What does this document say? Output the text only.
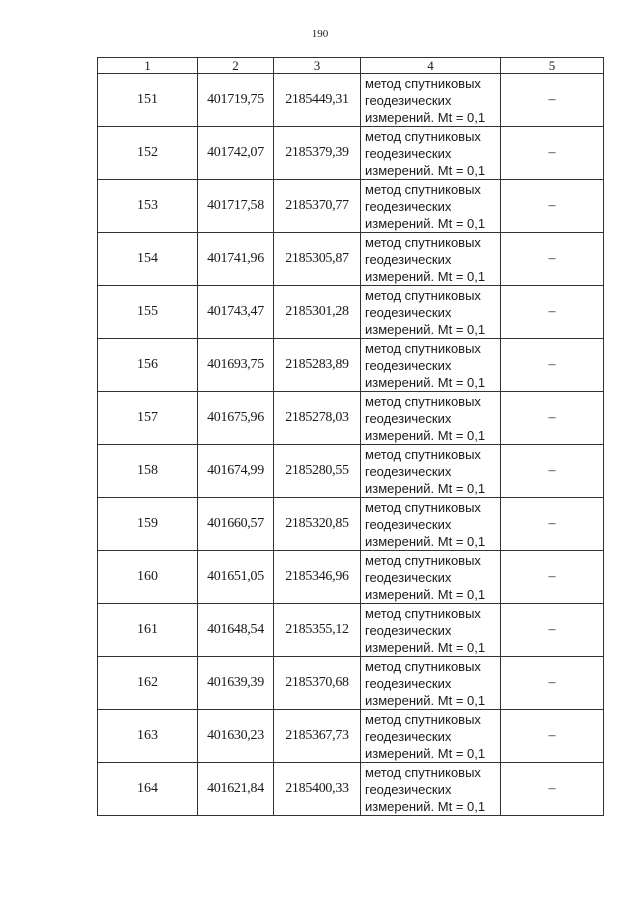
190
1	2	3	4	5
151	401719,75	2185449,31	метод спутниковых
геодезических
измерений. Mt = 0,1	–
152	401742,07	2185379,39	метод спутниковых
геодезических
измерений. Mt = 0,1	–
153	401717,58	2185370,77	метод спутниковых
геодезических
измерений. Mt = 0,1	–
154	401741,96	2185305,87	метод спутниковых
геодезических
измерений. Mt = 0,1	–
155	401743,47	2185301,28	метод спутниковых
геодезических
измерений. Mt = 0,1	–
156	401693,75	2185283,89	метод спутниковых
геодезических
измерений. Mt = 0,1	–
157	401675,96	2185278,03	метод спутниковых
геодезических
измерений. Mt = 0,1	–
158	401674,99	2185280,55	метод спутниковых
геодезических
измерений. Mt = 0,1	–
159	401660,57	2185320,85	метод спутниковых
геодезических
измерений. Mt = 0,1	–
160	401651,05	2185346,96	метод спутниковых
геодезических
измерений. Mt = 0,1	–
161	401648,54	2185355,12	метод спутниковых
геодезических
измерений. Mt = 0,1	–
162	401639,39	2185370,68	метод спутниковых
геодезических
измерений. Mt = 0,1	–
163	401630,23	2185367,73	метод спутниковых
геодезических
измерений. Mt = 0,1	–
164	401621,84	2185400,33	метод спутниковых
геодезических
измерений. Mt = 0,1	–
